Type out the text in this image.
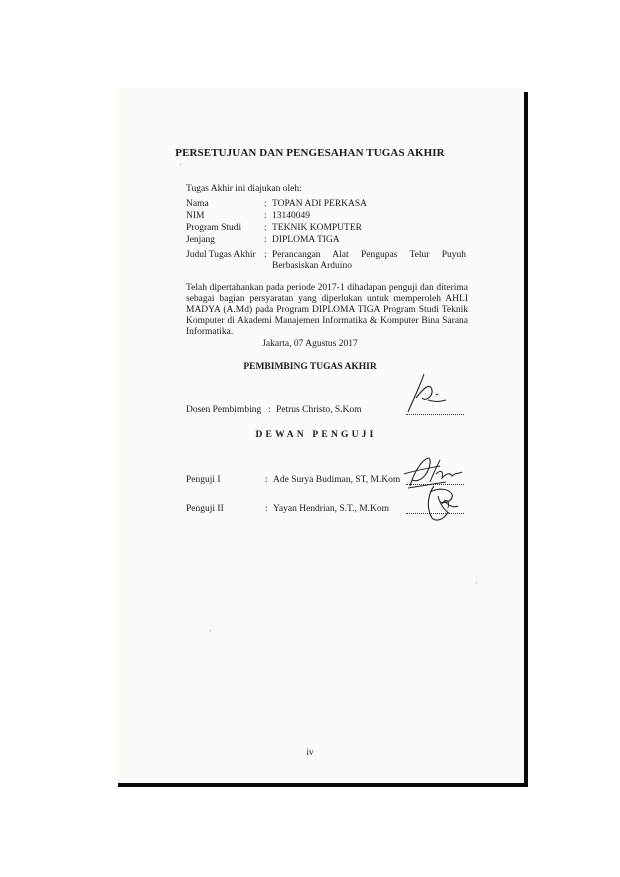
PERSETUJUAN DAN PENGESAHAN TUGAS AKHIR
Tugas Akhir ini diajukan oleh:
Nama	: TOPAN ADI PERKASA
NIM	: 13140049
Program Studi : TEKNIK KOMPUTER
Jenjang	: DIPLOMA TIGA
Judul Tugas Akhir : Perancangan Alat Pengupas Telur Puyuh Berbasiskan Arduino
Telah dipertahankan pada periode 2017-1 dihadapan penguji dan diterima sebagai bagian persyaratan yang diperlukan untuk memperoleh AHLI MADYA (A.Md) pada Program DIPLOMA TIGA Program Studi Teknik Komputer di Akademi Manajemen Informatika & Komputer Bina Sarana Informatika.
Jakarta, 07 Agustus 2017
PEMBIMBING TUGAS AKHIR
Dosen Pembimbing : Petrus Christo, S.Kom
DEWAN PENGUJI
Penguji I	: Ade Surya Budiman, ST, M.Kom
Penguji II	: Yayan Hendrian, S.T., M.Kom
iv
